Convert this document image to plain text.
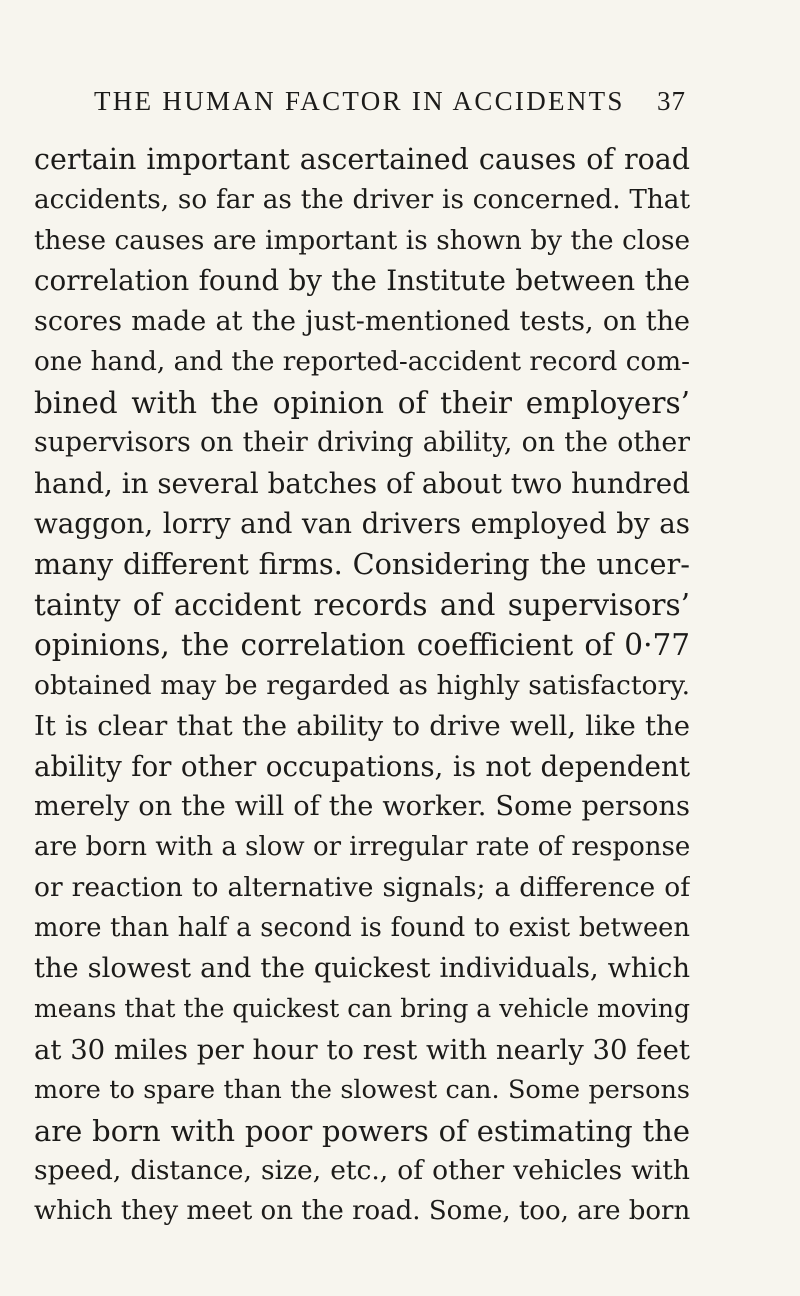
THE HUMAN FACTOR IN ACCIDENTS 37
certain important ascertained causes of road
accidents, so far as the driver is concerned. That
these causes are important is shown by the close
correlation found by the Institute between the
scores made at the just-mentioned tests, on the
one hand, and the reported-accident record com-
bined with the opinion of their employers’
supervisors on their driving ability, on the other
hand, in several batches of about two hundred
waggon, lorry and van drivers employed by as
many different firms. Considering the uncer-
tainty of accident records and supervisors’
opinions, the correlation coefficient of 0·77
obtained may be regarded as highly satisfactory.
It is clear that the ability to drive well, like the
ability for other occupations, is not dependent
merely on the will of the worker. Some persons
are born with a slow or irregular rate of response
or reaction to alternative signals; a difference of
more than half a second is found to exist between
the slowest and the quickest individuals, which
means that the quickest can bring a vehicle moving
at 30 miles per hour to rest with nearly 30 feet
more to spare than the slowest can. Some persons
are born with poor powers of estimating the
speed, distance, size, etc., of other vehicles with
which they meet on the road. Some, too, are born
